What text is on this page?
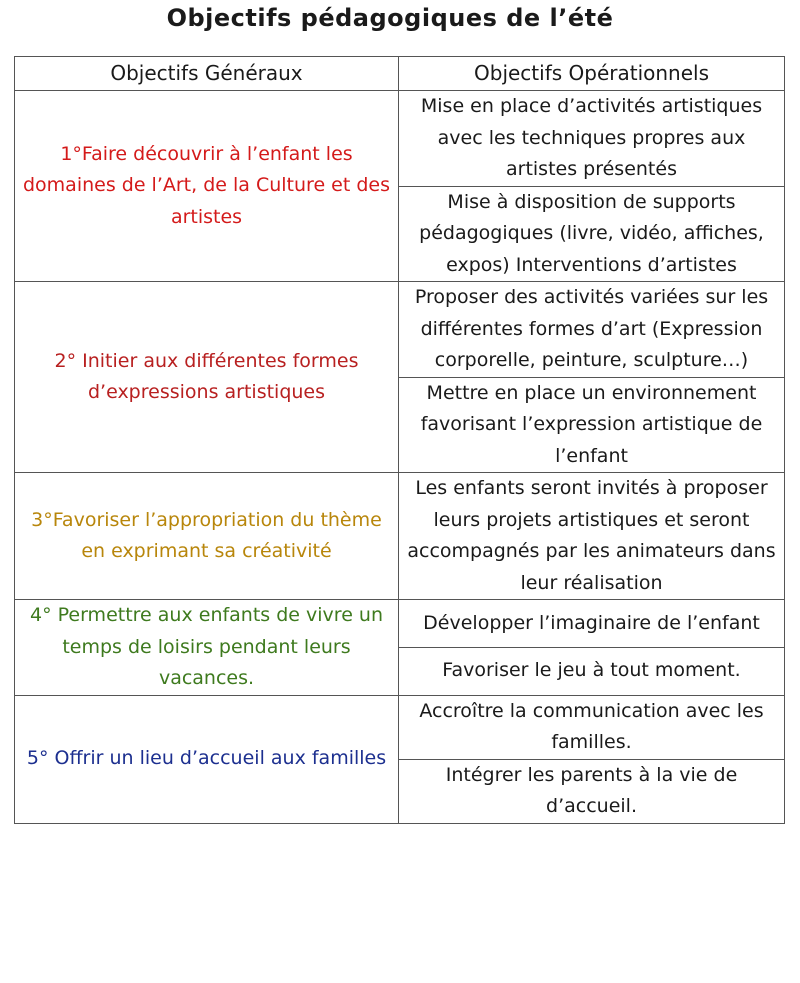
Objectifs pédagogiques de l’été
Objectifs Généraux	Objectifs Opérationnels

1°Faire découvrir à l’enfant les domaines de l’Art, de la Culture et des artistes	Mise en place d’activités artistiques avec les techniques propres aux artistes présentés
	Mise à disposition de supports pédagogiques (livre, vidéo, affiches, expos) Interventions d’artistes

2° Initier aux différentes formes d’expressions artistiques	Proposer des activités variées sur les différentes formes d’art (Expression corporelle, peinture, sculpture…)
	Mettre en place un environnement favorisant l’expression artistique de l’enfant

3°Favoriser l’appropriation du thème en exprimant sa créativité	Les enfants seront invités à proposer leurs projets artistiques et seront accompagnés par les animateurs dans leur réalisation

4° Permettre aux enfants de vivre un temps de loisirs pendant leurs vacances.	Développer l’imaginaire de l’enfant
	Favoriser le jeu à tout moment.

5° Offrir un lieu d’accueil aux familles	Accroître la communication avec les familles.
	Intégrer les parents à la vie de d’accueil.
